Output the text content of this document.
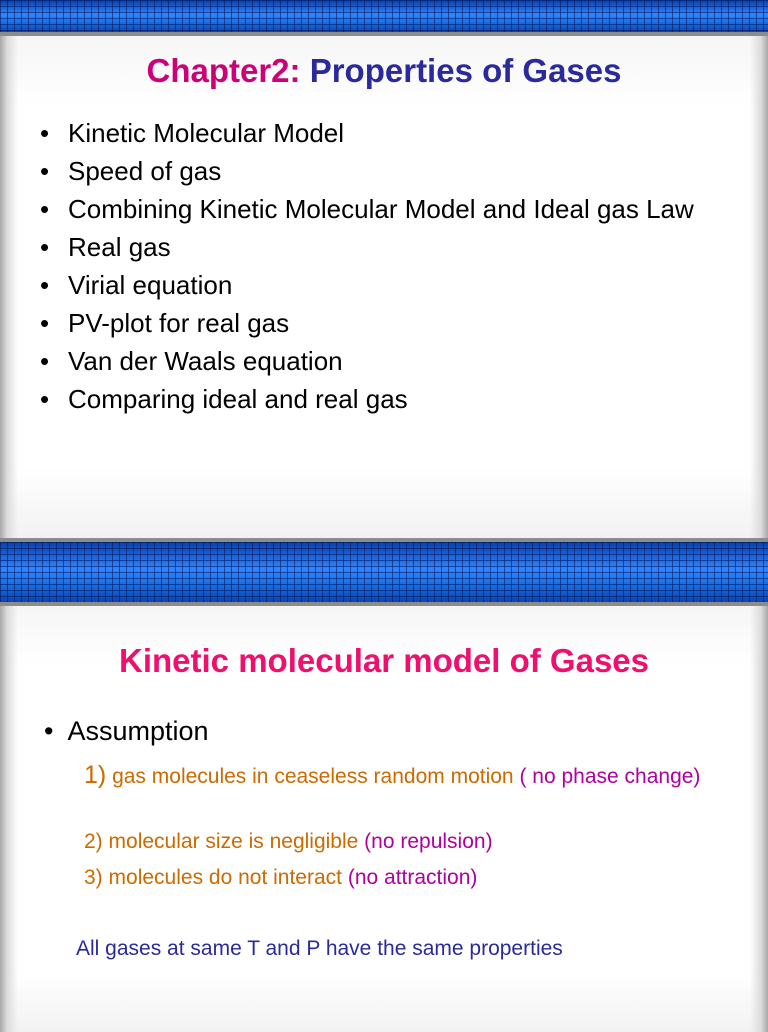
Chapter2: Properties of Gases
• Kinetic Molecular Model
• Speed of gas
• Combining Kinetic Molecular Model and Ideal gas Law
• Real gas
• Virial equation
• PV-plot for real gas
• Van der Waals equation
• Comparing ideal and real gas
Kinetic molecular model of Gases
• Assumption
1) gas molecules in ceaseless random motion ( no phase change)
2) molecular size is negligible (no repulsion)
3) molecules do not interact (no attraction)
All gases at same T and P have the same properties
